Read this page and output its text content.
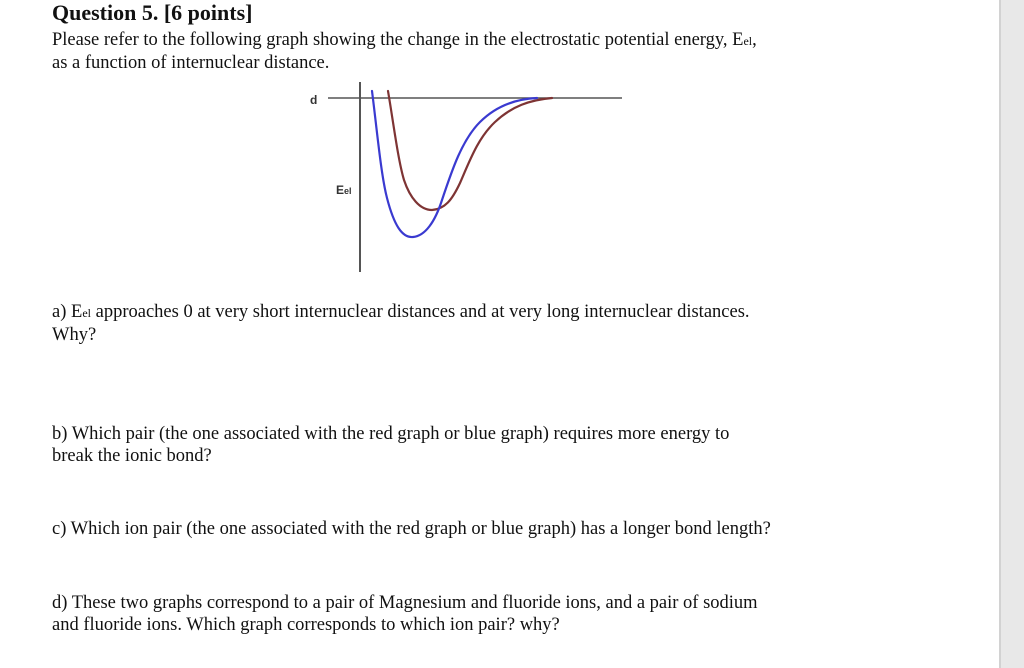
Question 5. [6 points]
Please refer to the following graph showing the change in the electrostatic potential energy, Eel,
as a function of internuclear distance.
d
Eel
a) Eel approaches 0 at very short internuclear distances and at very long internuclear distances.
Why?
b) Which pair (the one associated with the red graph or blue graph) requires more energy to
break the ionic bond?
c) Which ion pair (the one associated with the red graph or blue graph) has a longer bond length?
d) These two graphs correspond to a pair of Magnesium and fluoride ions, and a pair of sodium
and fluoride ions. Which graph corresponds to which ion pair? why?
